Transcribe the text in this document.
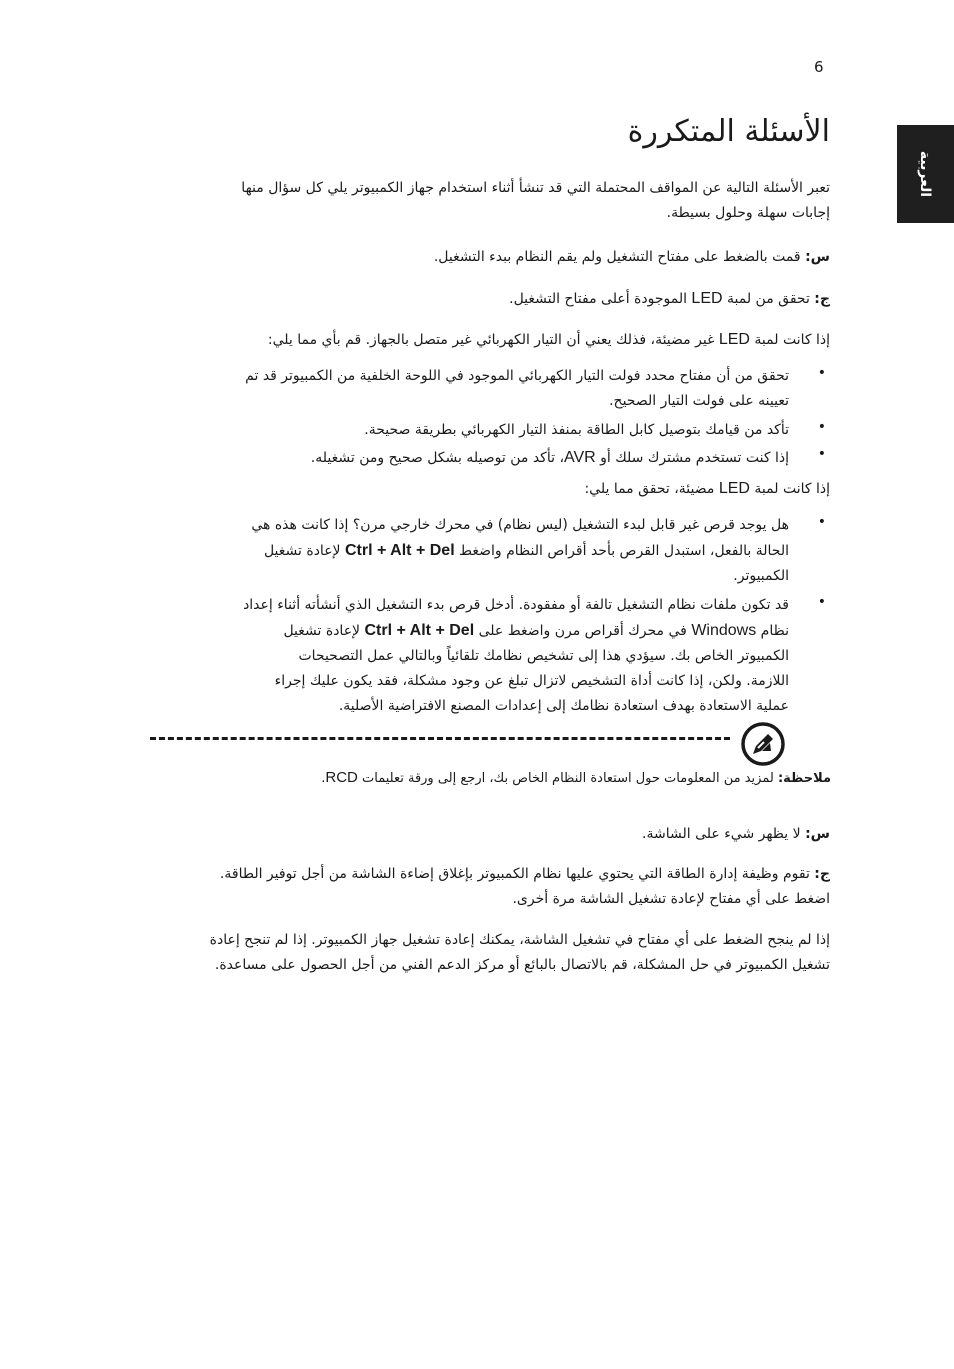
6
العربية
الأسئلة المتكررة
تعبر الأسئلة التالية عن المواقف المحتملة التي قد تنشأ أثناء استخدام جهاز الكمبيوتر يلي كل سؤال منها
إجابات سهلة وحلول بسيطة.
س: قمت بالضغط على مفتاح التشغيل ولم يقم النظام ببدء التشغيل.
ج: تحقق من لمبة LED الموجودة أعلى مفتاح التشغيل.
إذا كانت لمبة LED غير مضيئة، فذلك يعني أن التيار الكهربائي غير متصل بالجهاز. قم بأي مما يلي:
•
تحقق من أن مفتاح محدد فولت التيار الكهربائي الموجود في اللوحة الخلفية من الكمبيوتر قد تم
تعيينه على فولت التيار الصحيح.
•
تأكد من قيامك بتوصيل كابل الطاقة بمنفذ التيار الكهربائي بطريقة صحيحة.
•
إذا كنت تستخدم مشترك سلك أو AVR، تأكد من توصيله بشكل صحيح ومن تشغيله.
إذا كانت لمبة LED مضيئة، تحقق مما يلي:
•
هل يوجد قرص غير قابل لبدء التشغيل (ليس نظام) في محرك خارجي مرن؟ إذا كانت هذه هي
الحالة بالفعل، استبدل القرص بأحد أقراص النظام واضغط Ctrl + Alt + Del لإعادة تشغيل
الكمبيوتر.
•
قد تكون ملفات نظام التشغيل تالفة أو مفقودة. أدخل قرص بدء التشغيل الذي أنشأته أثناء إعداد
نظام Windows في محرك أقراص مرن واضغط على Ctrl + Alt + Del لإعادة تشغيل
الكمبيوتر الخاص بك. سيؤدي هذا إلى تشخيص نظامك تلقائياً وبالتالي عمل التصحيحات
اللازمة. ولكن، إذا كانت أداة التشخيص لاتزال تبلغ عن وجود مشكلة، فقد يكون عليك إجراء
عملية الاستعادة بهدف استعادة نظامك إلى إعدادات المصنع الافتراضية الأصلية.
ملاحظة: لمزيد من المعلومات حول استعادة النظام الخاص بك، ارجع إلى ورقة تعليمات RCD.
س: لا يظهر شيء على الشاشة.
ج: تقوم وظيفة إدارة الطاقة التي يحتوي عليها نظام الكمبيوتر بإغلاق إضاءة الشاشة من أجل توفير الطاقة.
اضغط على أي مفتاح لإعادة تشغيل الشاشة مرة أخرى.
إذا لم ينجح الضغط على أي مفتاح في تشغيل الشاشة، يمكنك إعادة تشغيل جهاز الكمبيوتر. إذا لم تنجح إعادة
تشغيل الكمبيوتر في حل المشكلة، قم بالاتصال بالبائع أو مركز الدعم الفني من أجل الحصول على مساعدة.
